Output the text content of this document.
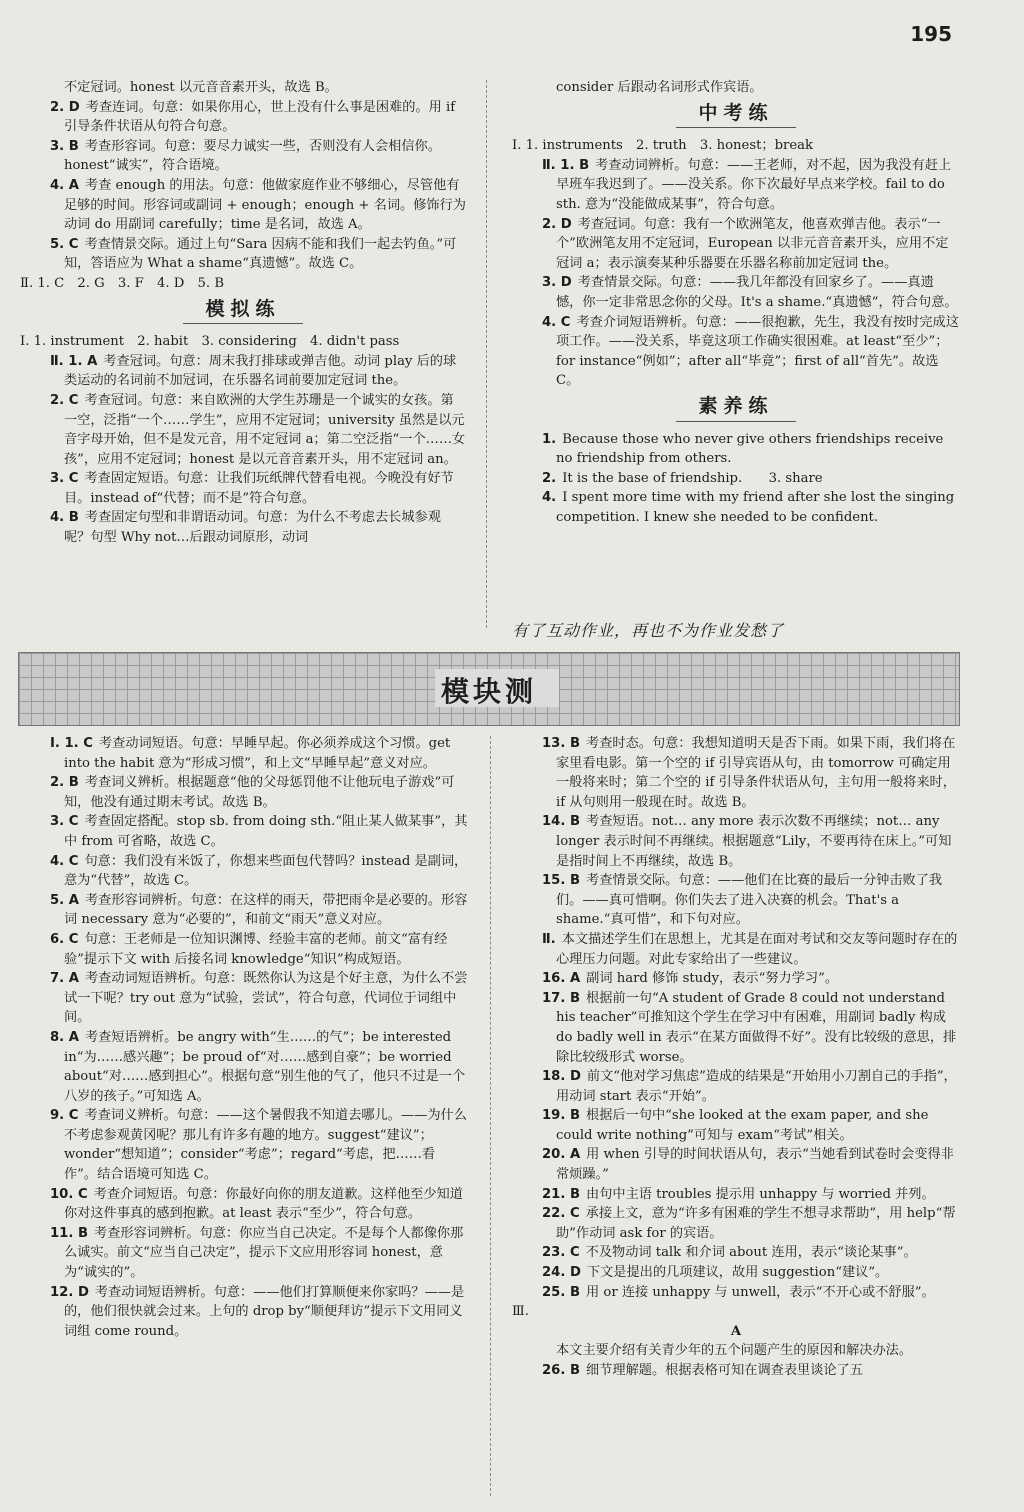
195

不定冠词。honest 以元音音素开头，故选 B。

2. D 考查连词。句意：如果你用心，世上没有什么事是困难的。用 if 引导条件状语从句符合句意。

3. B 考查形容词。句意：要尽力诚实一些，否则没有人会相信你。honest“诚实”，符合语境。

4. A 考查 enough 的用法。句意：他做家庭作业不够细心，尽管他有足够的时间。形容词或副词 + enough；enough + 名词。修饰行为动词 do 用副词 carefully；time 是名词，故选 A。

5. C 考查情景交际。通过上句“Sara 因病不能和我们一起去钓鱼。”可知，答语应为 What a shame“真遗憾”。故选 C。

Ⅱ. 1. C　2. G　3. F　4. D　5. B

模拟练

Ⅰ. 1. instrument　2. habit　3. considering　4. didn't pass

Ⅱ. 1. A 考查冠词。句意：周末我打排球或弹吉他。动词 play 后的球类运动的名词前不加冠词，在乐器名词前要加定冠词 the。

2. C 考查冠词。句意：来自欧洲的大学生苏珊是一个诚实的女孩。第一空，泛指“一个……学生”，应用不定冠词；university 虽然是以元音字母开始，但不是发元音，用不定冠词 a；第二空泛指“一个……女孩”，应用不定冠词；honest 是以元音音素开头，用不定冠词 an。

3. C 考查固定短语。句意：让我们玩纸牌代替看电视。今晚没有好节目。instead of“代替；而不是”符合句意。

4. B 考查固定句型和非谓语动词。句意：为什么不考虑去长城参观呢？句型 Why not…后跟动词原形，动词

consider 后跟动名词形式作宾语。

中考练

Ⅰ. 1. instruments　2. truth　3. honest；break

Ⅱ. 1. B 考查动词辨析。句意：——王老师，对不起，因为我没有赶上早班车我迟到了。——没关系。你下次最好早点来学校。fail to do sth. 意为“没能做成某事”，符合句意。

2. D 考查冠词。句意：我有一个欧洲笔友，他喜欢弹吉他。表示“一个”欧洲笔友用不定冠词，European 以非元音音素开头，应用不定冠词 a；表示演奏某种乐器要在乐器名称前加定冠词 the。

3. D 考查情景交际。句意：——我几年都没有回家乡了。——真遗憾，你一定非常思念你的父母。It's a shame.“真遗憾”，符合句意。

4. C 考查介词短语辨析。句意：——很抱歉，先生，我没有按时完成这项工作。——没关系，毕竟这项工作确实很困难。at least“至少”；for instance“例如”；after all“毕竟”；first of all“首先”。故选 C。

素养练

1. Because those who never give others friendships receive no friendship from others.

2. It is the base of friendship.　　3. share

4. I spent more time with my friend after she lost the singing competition. I knew she needed to be confident.

有了互动作业，再也不为作业发愁了
模块测

Ⅰ. 1. C 考查动词短语。句意：早睡早起。你必须养成这个习惯。get into the habit 意为“形成习惯”，和上文“早睡早起”意义对应。

2. B 考查词义辨析。根据题意“他的父母惩罚他不让他玩电子游戏”可知，他没有通过期末考试。故选 B。

3. C 考查固定搭配。stop sb. from doing sth.“阻止某人做某事”，其中 from 可省略，故选 C。

4. C 句意：我们没有米饭了，你想来些面包代替吗？instead 是副词，意为“代替”，故选 C。

5. A 考查形容词辨析。句意：在这样的雨天，带把雨伞是必要的。形容词 necessary 意为“必要的”，和前文“雨天”意义对应。

6. C 句意：王老师是一位知识渊博、经验丰富的老师。前文“富有经验”提示下文 with 后接名词 knowledge“知识”构成短语。

7. A 考查动词短语辨析。句意：既然你认为这是个好主意，为什么不尝试一下呢？try out 意为“试验，尝试”，符合句意，代词位于词组中间。

8. A 考查短语辨析。be angry with“生……的气”；be interested in“为……感兴趣”；be proud of“对……感到自豪”；be worried about“对……感到担心”。根据句意“别生他的气了，他只不过是一个八岁的孩子。”可知选 A。

9. C 考查词义辨析。句意：——这个暑假我不知道去哪儿。——为什么不考虑参观黄冈呢？那儿有许多有趣的地方。suggest“建议”；wonder“想知道”；consider“考虑”；regard“考虑，把……看作”。结合语境可知选 C。

10. C 考查介词短语。句意：你最好向你的朋友道歉。这样他至少知道你对这件事真的感到抱歉。at least 表示“至少”，符合句意。

11. B 考查形容词辨析。句意：你应当自己决定。不是每个人都像你那么诚实。前文“应当自己决定”，提示下文应用形容词 honest，意为“诚实的”。

12. D 考查动词短语辨析。句意：——他们打算顺便来你家吗？——是的，他们很快就会过来。上句的 drop by“顺便拜访”提示下文用同义词组 come round。

13. B 考查时态。句意：我想知道明天是否下雨。如果下雨，我们将在家里看电影。第一个空的 if 引导宾语从句，由 tomorrow 可确定用一般将来时；第二个空的 if 引导条件状语从句，主句用一般将来时，if 从句则用一般现在时。故选 B。

14. B 考查短语。not… any more 表示次数不再继续；not… any longer 表示时间不再继续。根据题意“Lily，不要再待在床上。”可知是指时间上不再继续，故选 B。

15. B 考查情景交际。句意：——他们在比赛的最后一分钟击败了我们。——真可惜啊。你们失去了进入决赛的机会。That's a shame.“真可惜”，和下句对应。

Ⅱ. 本文描述学生们在思想上，尤其是在面对考试和交友等问题时存在的心理压力问题。对此专家给出了一些建议。

16. A 副词 hard 修饰 study，表示“努力学习”。

17. B 根据前一句“A student of Grade 8 could not understand his teacher”可推知这个学生在学习中有困难，用副词 badly 构成 do badly well in 表示“在某方面做得不好”。没有比较级的意思，排除比较级形式 worse。

18. D 前文“他对学习焦虑”造成的结果是“开始用小刀割自己的手指”，用动词 start 表示“开始”。

19. B 根据后一句中“she looked at the exam paper, and she could write nothing”可知与 exam“考试”相关。

20. A 用 when 引导的时间状语从句，表示“当她看到试卷时会变得非常烦躁。”

21. B 由句中主语 troubles 提示用 unhappy 与 worried 并列。

22. C 承接上文，意为“许多有困难的学生不想寻求帮助”，用 help“帮助”作动词 ask for 的宾语。

23. C 不及物动词 talk 和介词 about 连用，表示“谈论某事”。

24. D 下文是提出的几项建议，故用 suggestion“建议”。

25. B 用 or 连接 unhappy 与 unwell，表示“不开心或不舒服”。

Ⅲ.

A

本文主要介绍有关青少年的五个问题产生的原因和解决办法。

26. B 细节理解题。根据表格可知在调查表里谈论了五
